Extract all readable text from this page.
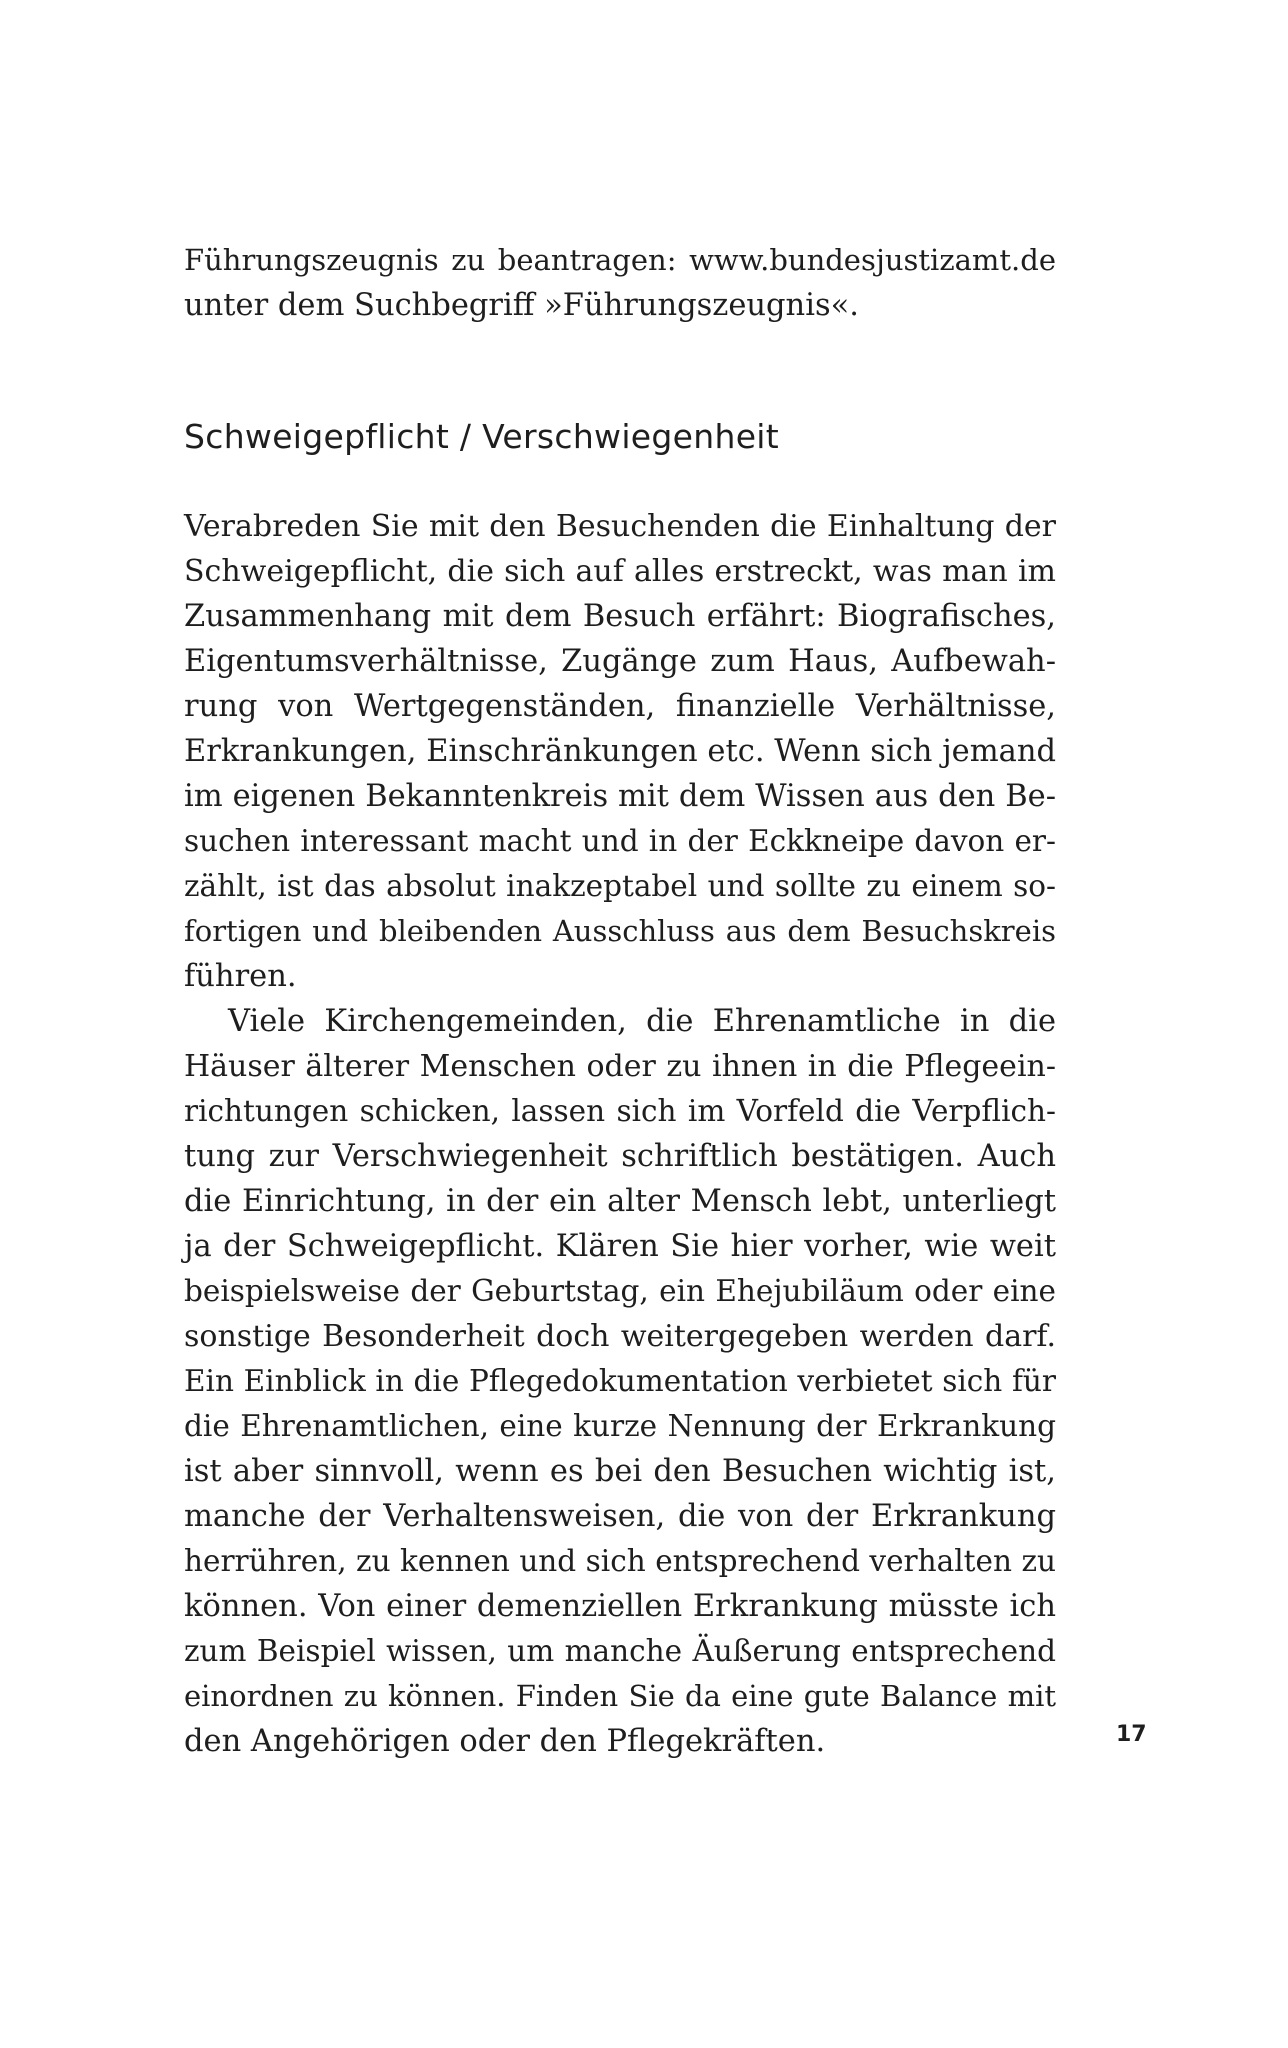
Führungszeugnis zu beantragen: www.bundesjustizamt.de
unter dem Suchbegriff »Führungszeugnis«.
Schweigepflicht / Verschwiegenheit
Verabreden Sie mit den Besuchenden die Einhaltung der
Schweigepflicht, die sich auf alles erstreckt, was man im
Zusammenhang mit dem Besuch erfährt: Biografisches,
Eigentumsverhältnisse, Zugänge zum Haus, Aufbewah-
rung von Wertgegenständen, finanzielle Verhältnisse,
Erkrankungen, Einschränkungen etc. Wenn sich jemand
im eigenen Bekanntenkreis mit dem Wissen aus den Be-
suchen interessant macht und in der Eckkneipe davon er-
zählt, ist das absolut inakzeptabel und sollte zu einem so-
fortigen und bleibenden Ausschluss aus dem Besuchskreis
führen.
Viele Kirchengemeinden, die Ehrenamtliche in die
Häuser älterer Menschen oder zu ihnen in die Pflegeein-
richtungen schicken, lassen sich im Vorfeld die Verpflich-
tung zur Verschwiegenheit schriftlich bestätigen. Auch
die Einrichtung, in der ein alter Mensch lebt, unterliegt
ja der Schweigepflicht. Klären Sie hier vorher, wie weit
beispielsweise der Geburtstag, ein Ehejubiläum oder eine
sonstige Besonderheit doch weitergegeben werden darf.
Ein Einblick in die Pflegedokumentation verbietet sich für
die Ehrenamtlichen, eine kurze Nennung der Erkrankung
ist aber sinnvoll, wenn es bei den Besuchen wichtig ist,
manche der Verhaltensweisen, die von der Erkrankung
herrühren, zu kennen und sich entsprechend verhalten zu
können. Von einer demenziellen Erkrankung müsste ich
zum Beispiel wissen, um manche Äußerung entsprechend
einordnen zu können. Finden Sie da eine gute Balance mit
den Angehörigen oder den Pflegekräften.	17
